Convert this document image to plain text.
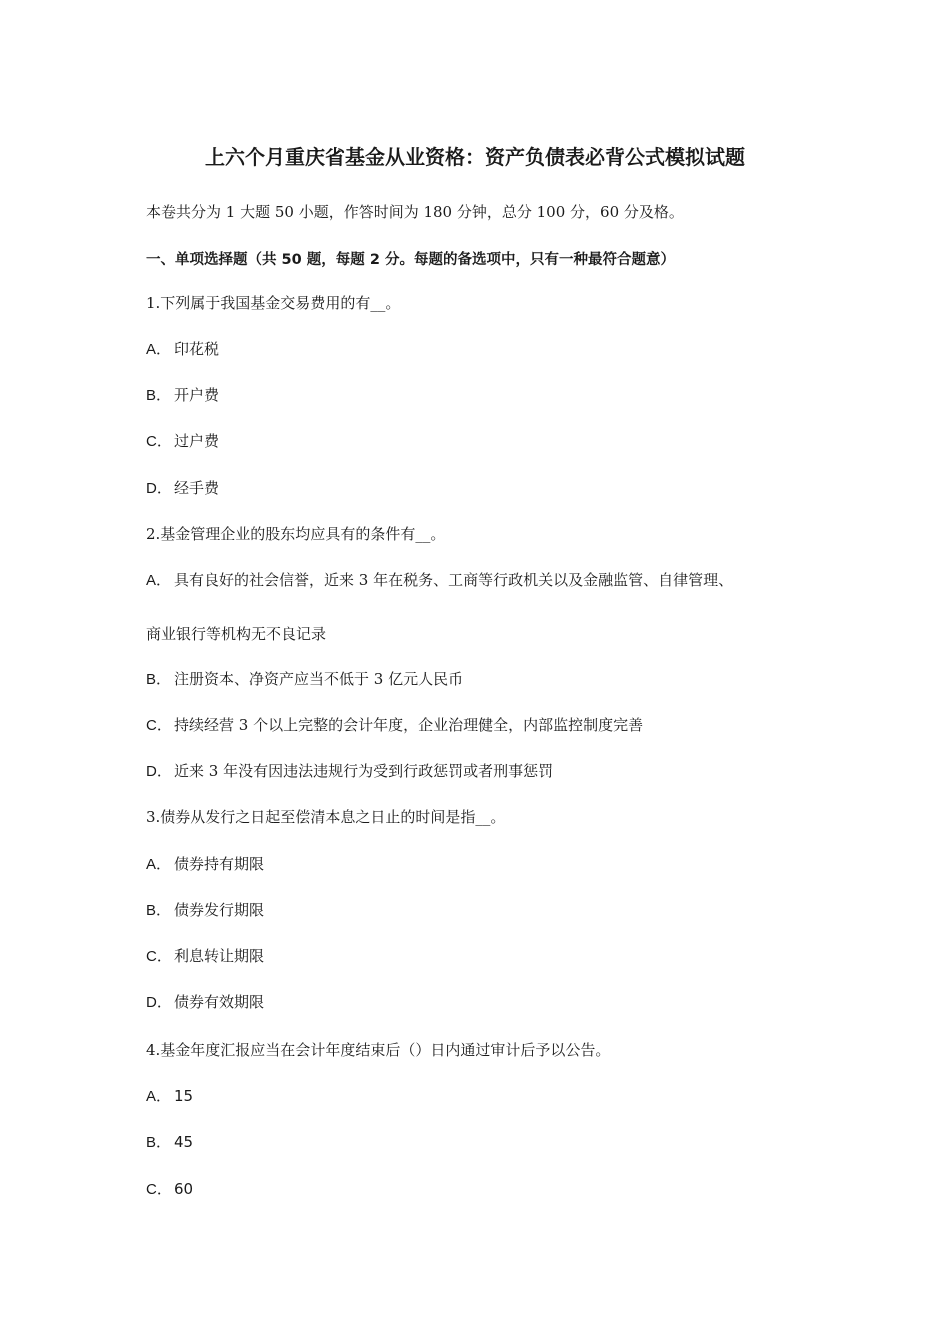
上六个月重庆省基金从业资格：资产负债表必背公式模拟试题
本卷共分为 1 大题 50 小题，作答时间为 180 分钟，总分 100 分，60 分及格。
一、单项选择题（共 50 题，每题 2 分。每题的备选项中，只有一种最符合题意）
1.下列属于我国基金交易费用的有__。
A． 印花税
B． 开户费
C． 过户费
D． 经手费
2.基金管理企业的股东均应具有的条件有__。
A． 具有良好的社会信誉，近来 3 年在税务、工商等行政机关以及金融监管、自律管理、
商业银行等机构无不良记录
B． 注册资本、净资产应当不低于 3 亿元人民币
C． 持续经营 3 个以上完整的会计年度，企业治理健全，内部监控制度完善
D． 近来 3 年没有因违法违规行为受到行政惩罚或者刑事惩罚
3.债券从发行之日起至偿清本息之日止的时间是指__。
A． 债券持有期限
B． 债券发行期限
C． 利息转让期限
D． 债券有效期限
4.基金年度汇报应当在会计年度结束后（）日内通过审计后予以公告。
A． 15
B． 45
C． 60
